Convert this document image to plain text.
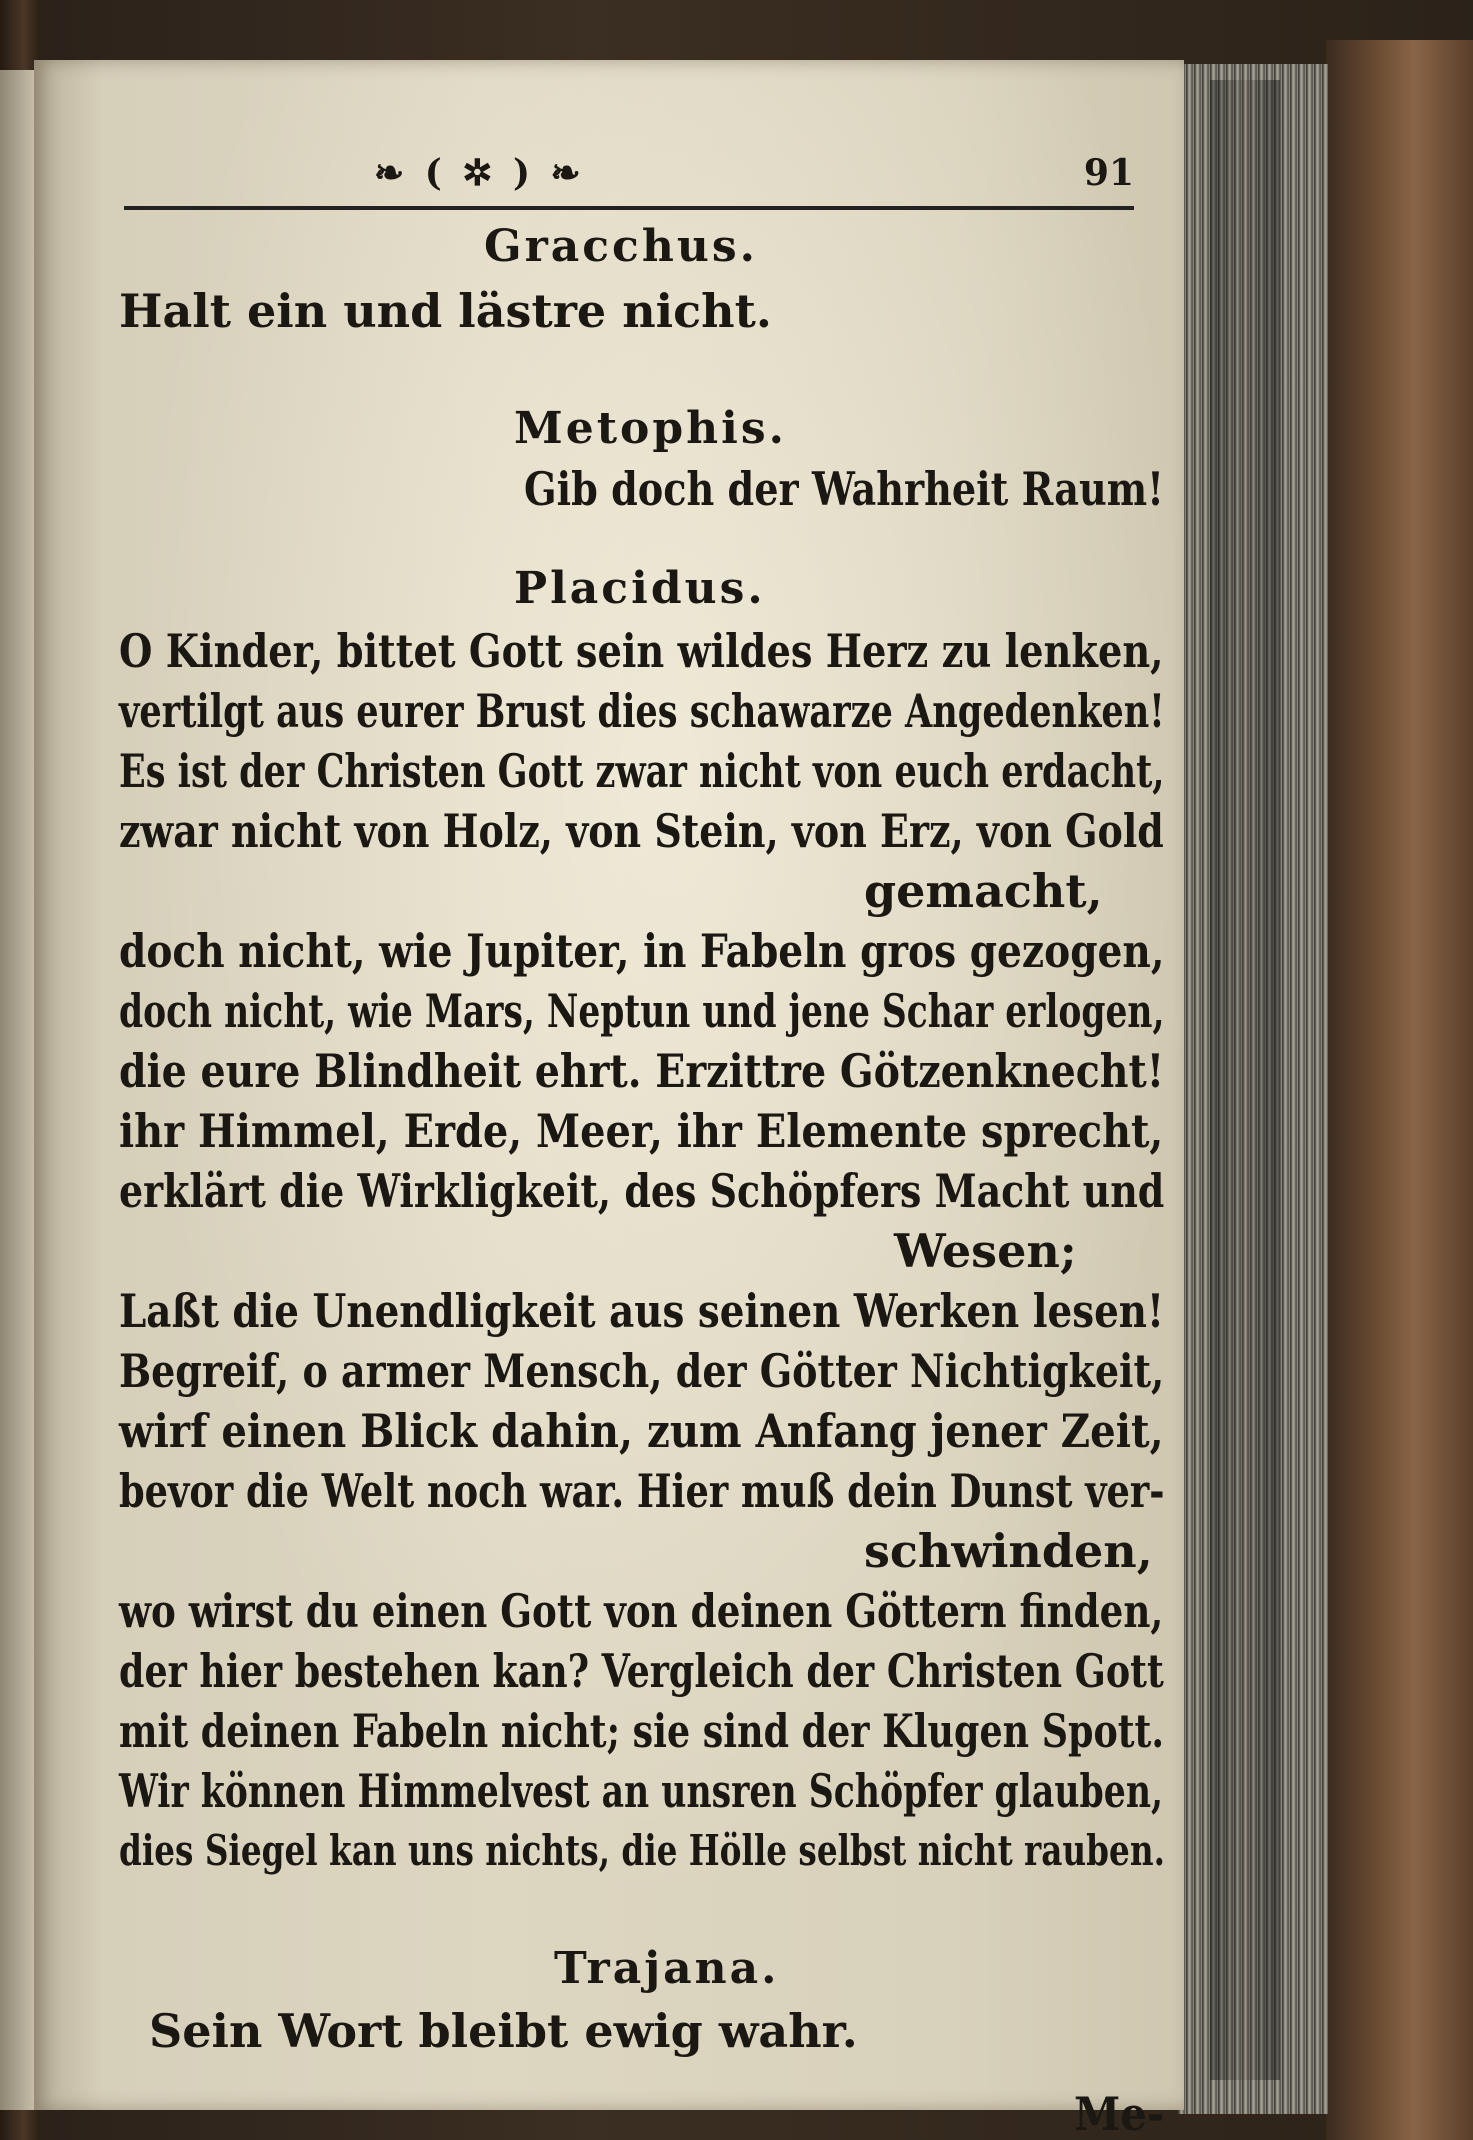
❧ ( ✲ ) ❧	91
Gracchus.
Halt ein und lästre nicht.
Metophis.
Gib doch der Wahrheit Raum!
Placidus.
O Kinder, bittet Gott sein wildes Herz zu lenken,
vertilgt aus eurer Brust dies schawarze Angedenken!
Es ist der Christen Gott zwar nicht von euch erdacht,
zwar nicht von Holz, von Stein, von Erz, von Gold
gemacht,
doch nicht, wie Jupiter, in Fabeln gros gezogen,
doch nicht, wie Mars, Neptun und jene Schar erlogen,
die eure Blindheit ehrt. Erzittre Götzenknecht!
ihr Himmel, Erde, Meer, ihr Elemente sprecht,
erklärt die Wirkligkeit, des Schöpfers Macht und
Wesen;
Laßt die Unendligkeit aus seinen Werken lesen!
Begreif, o armer Mensch, der Götter Nichtigkeit,
wirf einen Blick dahin, zum Anfang jener Zeit,
bevor die Welt noch war. Hier muß dein Dunst ver-
schwinden,
wo wirst du einen Gott von deinen Göttern finden,
der hier bestehen kan? Vergleich der Christen Gott
mit deinen Fabeln nicht; sie sind der Klugen Spott.
Wir können Himmelvest an unsren Schöpfer glauben,
dies Siegel kan uns nichts, die Hölle selbst nicht rauben.
Trajana.
Sein Wort bleibt ewig wahr.
Me-
